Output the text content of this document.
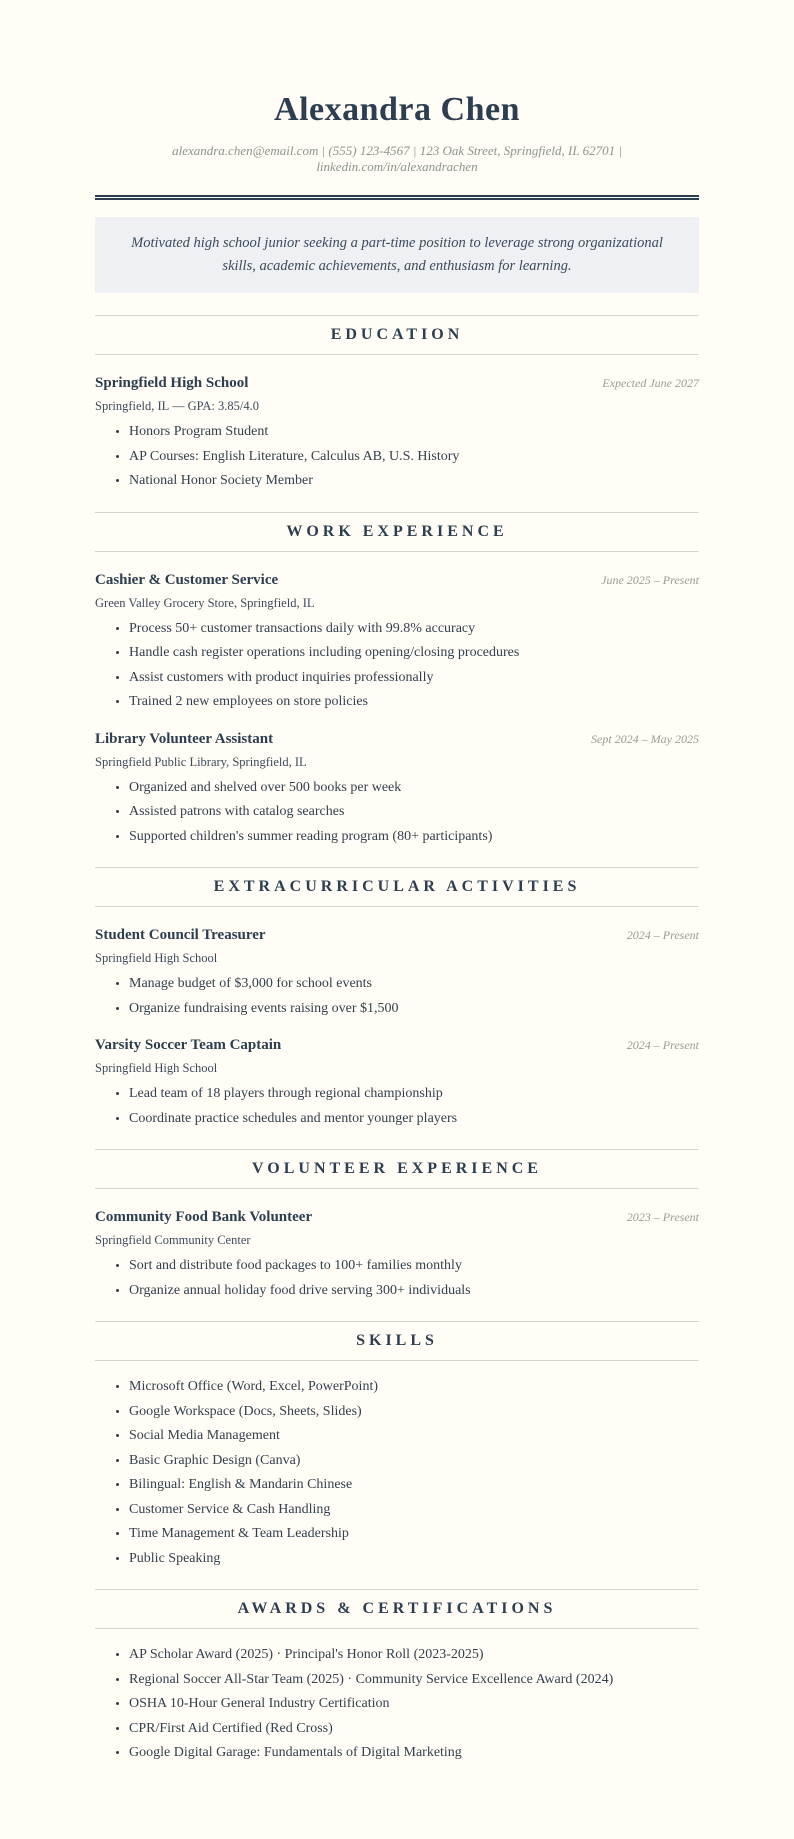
Alexandra Chen

alexandra.chen@email.com | (555) 123-4567 | 123 Oak Street, Springfield, IL 62701 | linkedin.com/in/alexandrachen

Motivated high school junior seeking a part-time position to leverage strong organizational skills, academic achievements, and enthusiasm for learning.

EDUCATION
Springfield High School	Expected June 2027

Springfield, IL — GPA: 3.85/4.0

• Honors Program Student
• AP Courses: English Literature, Calculus AB, U.S. History
• National Honor Society Member
WORK EXPERIENCE
Cashier & Customer Service	June 2025 – Present

Green Valley Grocery Store, Springfield, IL

• Process 50+ customer transactions daily with 99.8% accuracy
• Handle cash register operations including opening/closing procedures
• Assist customers with product inquiries professionally
• Trained 2 new employees on store policies
Library Volunteer Assistant	Sept 2024 – May 2025

Springfield Public Library, Springfield, IL

• Organized and shelved over 500 books per week
• Assisted patrons with catalog searches
• Supported children's summer reading program (80+ participants)
EXTRACURRICULAR ACTIVITIES
Student Council Treasurer	2024 – Present

Springfield High School

• Manage budget of $3,000 for school events
• Organize fundraising events raising over $1,500
Varsity Soccer Team Captain	2024 – Present

Springfield High School

• Lead team of 18 players through regional championship
• Coordinate practice schedules and mentor younger players
VOLUNTEER EXPERIENCE
Community Food Bank Volunteer	2023 – Present

Springfield Community Center

• Sort and distribute food packages to 100+ families monthly
• Organize annual holiday food drive serving 300+ individuals
SKILLS
• Microsoft Office (Word, Excel, PowerPoint)
• Google Workspace (Docs, Sheets, Slides)
• Social Media Management
• Basic Graphic Design (Canva)
• Bilingual: English & Mandarin Chinese
• Customer Service & Cash Handling
• Time Management & Team Leadership
• Public Speaking
AWARDS & CERTIFICATIONS
• AP Scholar Award (2025) · Principal's Honor Roll (2023-2025)
• Regional Soccer All-Star Team (2025) · Community Service Excellence Award (2024)
• OSHA 10-Hour General Industry Certification
• CPR/First Aid Certified (Red Cross)
• Google Digital Garage: Fundamentals of Digital Marketing
